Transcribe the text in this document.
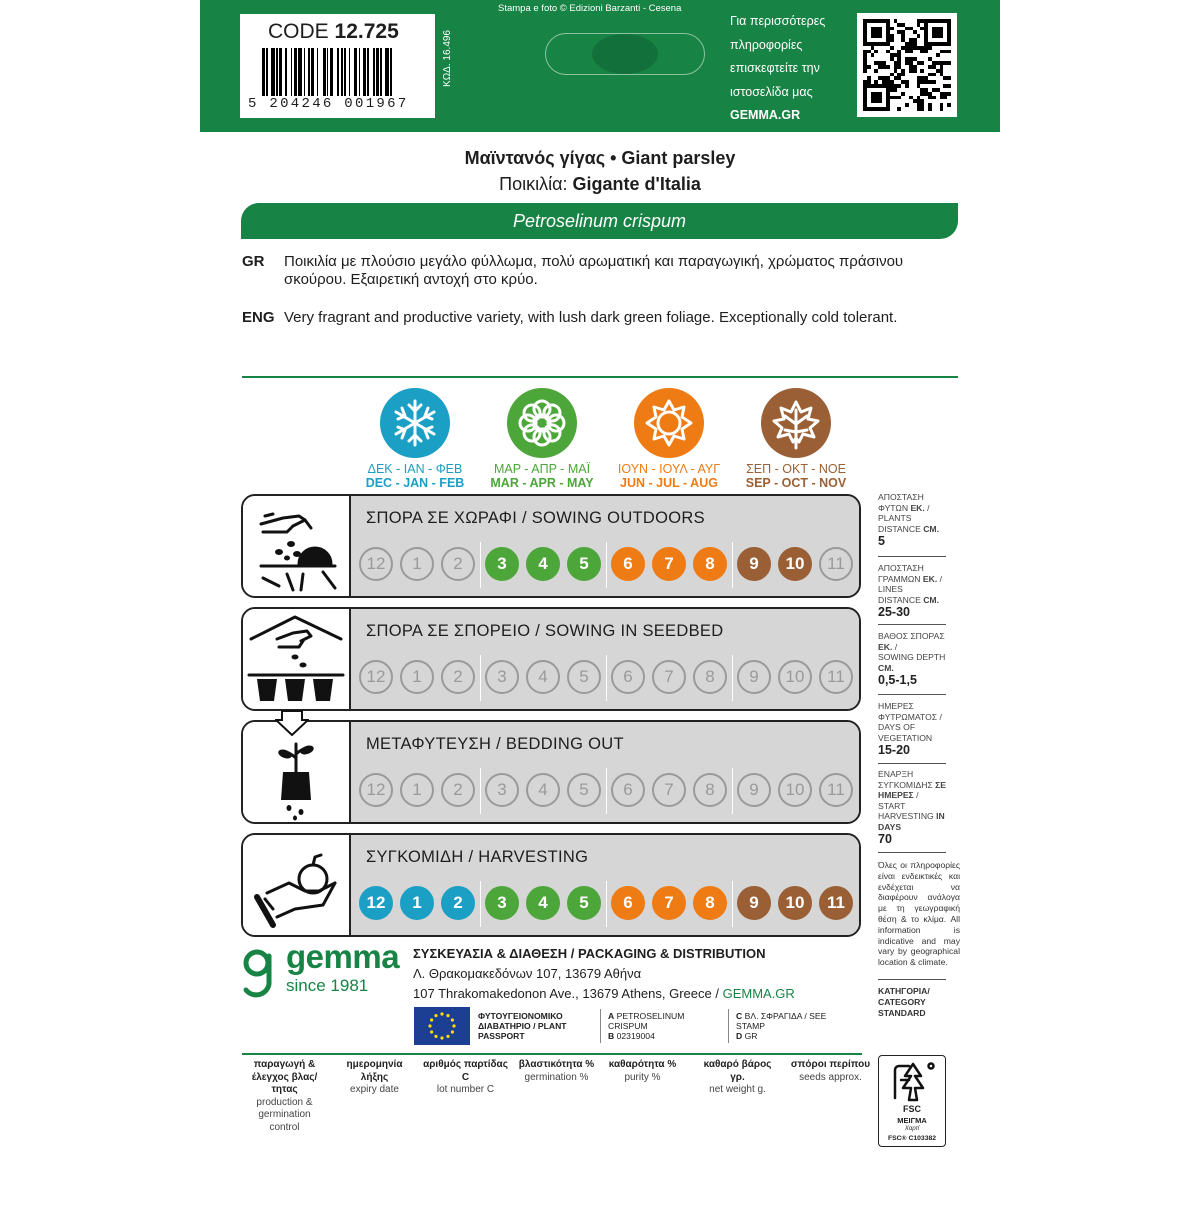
CODE 12.725
5 204246 001967
ΚΩΔ. 16.496
Stampa e foto © Edizioni Barzanti - Cesena
Για περισσότερες
πληροφορίες
επισκεφτείτε την
ιστοσελίδα μας
GEMMA.GR
Μαϊντανός γίγας • Giant parsley
Ποικιλία: Gigante d'Italia
Petroselinum crispum
GR Ποικιλία με πλούσιο μεγάλο φύλλωμα, πολύ αρωματική και παραγωγική, χρώματος πράσινου σκούρου. Εξαιρετική αντοχή στο κρύο.
ENG Very fragrant and productive variety, with lush dark green foliage. Exceptionally cold tolerant.
ΔΕΚ - ΙΑΝ - ΦΕΒ
DEC - JAN - FEB
ΜΑΡ - ΑΠΡ - ΜΑΪ
MAR - APR - MAY
ΙΟΥΝ - ΙΟΥΛ - ΑΥΓ
JUN - JUL - AUG
ΣΕΠ - ΟΚΤ - ΝΟΕ
SEP - OCT - NOV
ΣΠΟΡΑ ΣΕ ΧΩΡΑΦΙ / SOWING OUTDOORS
12	1	2	3	4	5	6	7	8	9	10	11
ΣΠΟΡΑ ΣΕ ΣΠΟΡΕΙΟ / SOWING IN SEEDBED
12	1	2	3	4	5	6	7	8	9	10	11
ΜΕΤΑΦΥΤΕΥΣΗ / BEDDING OUT
12	1	2	3	4	5	6	7	8	9	10	11
ΣΥΓΚΟΜΙΔΗ / HARVESTING
12	1	2	3	4	5	6	7	8	9	10	11
ΑΠΟΣΤΑΣΗ ΦΥΤΩΝ ΕΚ. /
PLANTS DISTANCE CM.
5
ΑΠΟΣΤΑΣΗ ΓΡΑΜΜΩΝ ΕΚ. /
LINES DISTANCE CM.
25-30
ΒΑΘΟΣ ΣΠΟΡΑΣ ΕΚ. /
SOWING DEPTH CM.
0,5-1,5
ΗΜΕΡΕΣ ΦΥΤΡΩΜΑΤΟΣ /
DAYS OF VEGETATION
15-20
ΕΝΑΡΞΗ ΣΥΓΚΟΜΙΔΗΣ ΣΕ ΗΜΕΡΕΣ /
START HARVESTING IN DAYS
70
Όλες οι πληροφορίες είναι ενδεικτικές και ενδέχεται να διαφέρουν ανάλογα με τη γεωγραφική θέση & το κλίμα. All information is indicative and may vary by geographical location & climate.
ΚΑΤΗΓΟΡΙΑ/ CATEGORY
STANDARD
gemma
since 1981
ΣΥΣΚΕΥΑΣΙΑ & ΔΙΑΘΕΣΗ / PACKAGING & DISTRIBUTION
Λ. Θρακομακεδόνων 107, 13679 Αθήνα
107 Thrakomakedonon Ave., 13679 Athens, Greece / GEMMA.GR
ΦΥΤΟΥΓΕΙΟΝΟΜΙΚΟ ΔΙΑΒΑΤΗΡΙΟ / PLANT PASSPORT
A PETROSELINUM CRISPUM
B 02319004
C ΒΛ. ΣΦΡΑΓΙΔΑ / SEE STAMP
D GR
παραγωγή & έλεγχος βλας/τητας
production & germination control
ημερομηνία λήξης
expiry date
αριθμός παρτίδας C
lot number C
βλαστικότητα %
germination %
καθαρότητα %
purity %
καθαρό βάρος γρ.
net weight g.
σπόροι περίπου
seeds approx.
FSC
ΜΕΙΓΜΑ
Χαρτί
FSC® C103382
